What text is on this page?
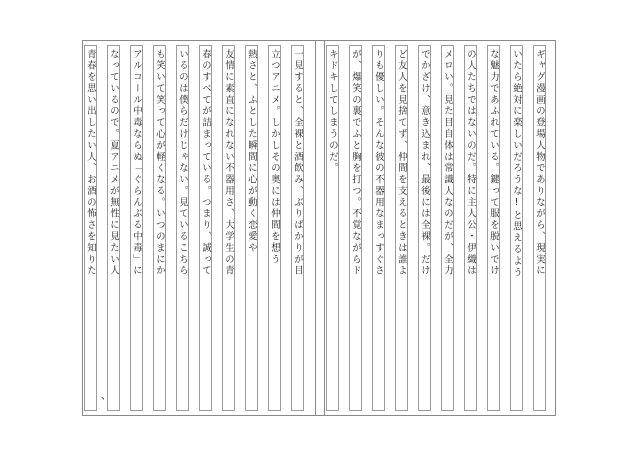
青春を思い出したい人、お酒の怖さを知りた なっているので。夏アニメが無性に見たい人 アルコール中毒ならぬ「ぐらんぶる中毒」に も笑いて笑って心が軽くなる。いつのまにか いるのは僕らだけじゃない。見ているこちら 春のすべてが詰まっている。つまり、誠って 友情に素直になれない不器用さ、大学生の青 熱さと、ふとした瞬間に心が動く恋愛や 立つアニメ。しかしその奥には仲間を想う 一見すると、全裸と酒飲み、ぶりばかりが目	キドキしてしまうのだ。 が、爆笑の裏でふと胸を打つ。不覚ながらド りも優しい。そんな彼の不器用なまっすぐさ ど友人を見捨てず、仲間を支えるときは誰よ でかざけ、意き込まれ、最後には全裸。だけ メロい。見た目自体は常識人なのだが、全力 の人たちではないのだ。特に主人公・伊織は な魅力であふれている。鍵って服を脱いでけ いたら絶対に楽しいだろうな!と思えるよう ギャグ漫画の登場人物でありながら、現実に
、
